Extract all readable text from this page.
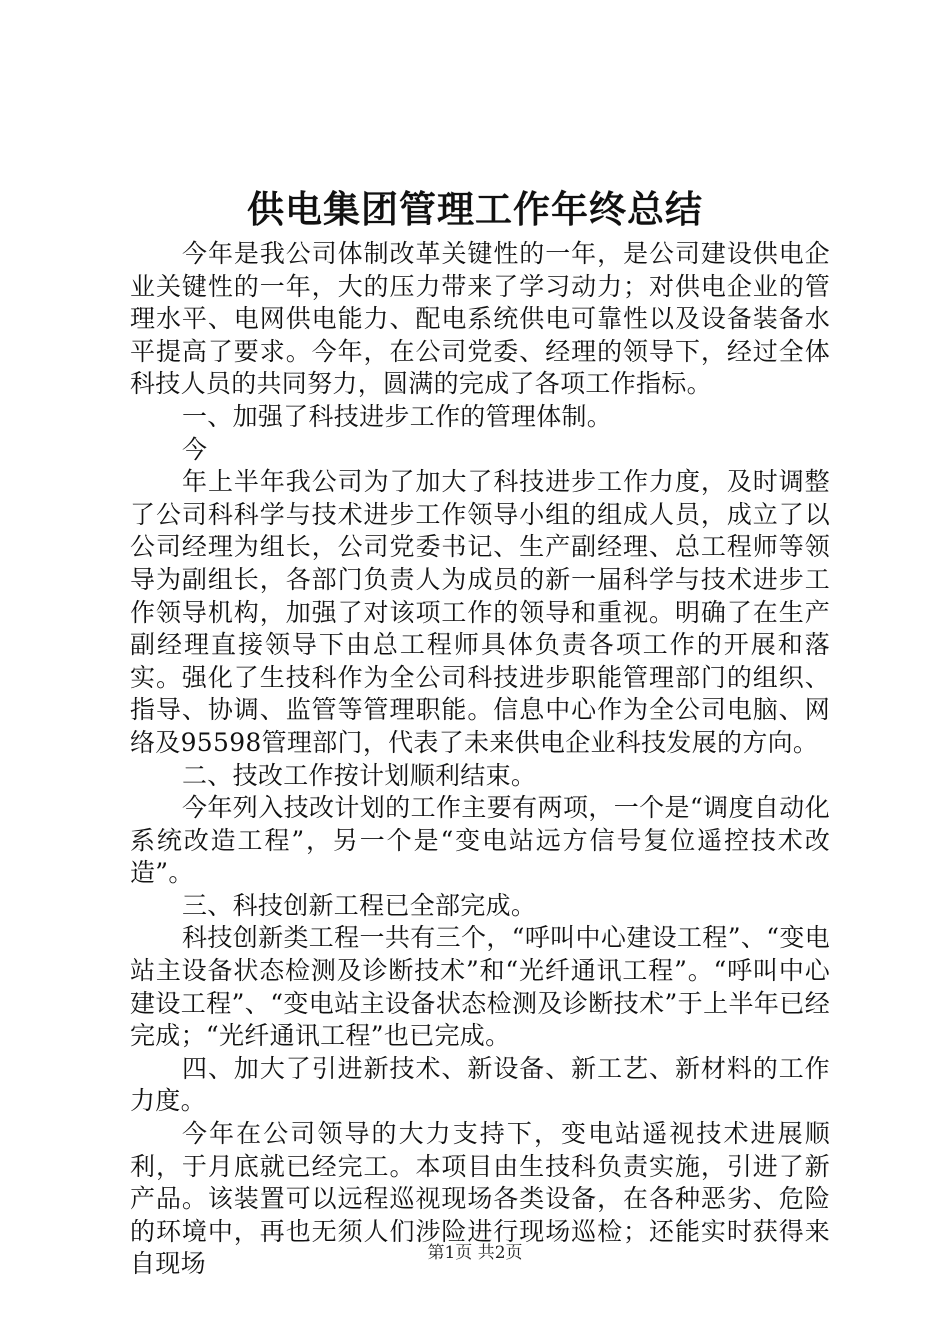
供电集团管理工作年终总结

今年是我公司体制改革关键性的一年，是公司建设供电企业关键性的一年，大的压力带来了学习动力；对供电企业的管理水平、电网供电能力、配电系统供电可靠性以及设备装备水平提高了要求。今年，在公司党委、经理的领导下，经过全体科技人员的共同努力，圆满的完成了各项工作指标。

一、加强了科技进步工作的管理体制。

今

年上半年我公司为了加大了科技进步工作力度，及时调整了公司科科学与技术进步工作领导小组的组成人员，成立了以公司经理为组长，公司党委书记、生产副经理、总工程师等领导为副组长，各部门负责人为成员的新一届科学与技术进步工作领导机构，加强了对该项工作的领导和重视。明确了在生产副经理直接领导下由总工程师具体负责各项工作的开展和落实。强化了生技科作为全公司科技进步职能管理部门的组织、指导、协调、监管等管理职能。信息中心作为全公司电脑、网络及95598管理部门，代表了未来供电企业科技发展的方向。

二、技改工作按计划顺利结束。

今年列入技改计划的工作主要有两项，一个是“调度自动化系统改造工程”，另一个是“变电站远方信号复位遥控技术改造”。

三、科技创新工程已全部完成。

科技创新类工程一共有三个，“呼叫中心建设工程”、“变电站主设备状态检测及诊断技术”和“光纤通讯工程”。“呼叫中心建设工程”、“变电站主设备状态检测及诊断技术”于上半年已经完成；“光纤通讯工程”也已完成。

四、加大了引进新技术、新设备、新工艺、新材料的工作力度。

今年在公司领导的大力支持下，变电站遥视技术进展顺利，于月底就已经完工。本项目由生技科负责实施，引进了新产品。该装置可以远程巡视现场各类设备，在各种恶劣、危险的环境中，再也无须人们涉险进行现场巡检；还能实时获得来自现场	第1页 共2页
